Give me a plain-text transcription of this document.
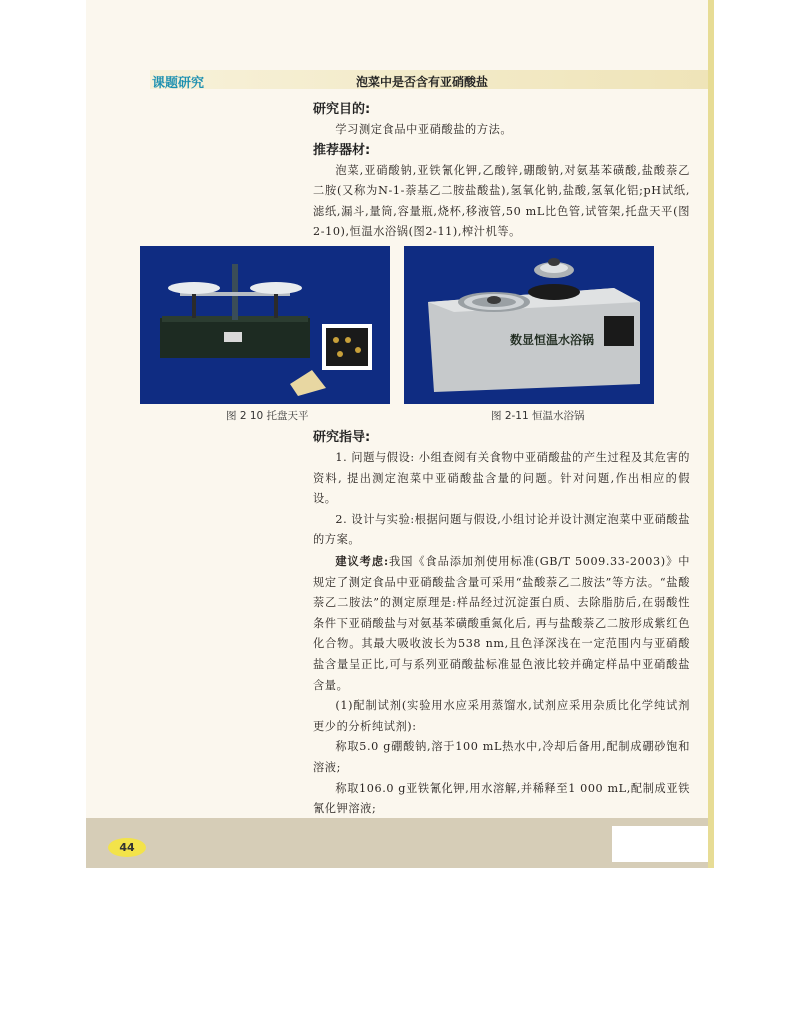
课题研究	泡菜中是否含有亚硝酸盐

研究目的:

学习测定食品中亚硝酸盐的方法。

推荐器材:

泡菜,亚硝酸钠,亚铁氰化钾,乙酸锌,硼酸钠,对氨基苯磺酸,盐酸萘乙二胺(又称为N-1-萘基乙二胺盐酸盐),氢氧化钠,盐酸,氢氧化铝;pH试纸,滤纸,漏斗,量筒,容量瓶,烧杯,移液管,50 mL比色管,试管架,托盘天平(图2-10),恒温水浴锅(图2-11),榨汁机等。

数显恒温水浴锅
图 2 10 托盘天平	图 2-11 恒温水浴锅

研究指导:

1. 问题与假设: 小组查阅有关食物中亚硝酸盐的产生过程及其危害的资料, 提出测定泡菜中亚硝酸盐含量的问题。针对问题,作出相应的假设。

2. 设计与实验:根据问题与假设,小组讨论并设计测定泡菜中亚硝酸盐的方案。

建议考虑:我国《食品添加剂使用标准(GB/T 5009.33-2003)》中规定了测定食品中亚硝酸盐含量可采用“盐酸萘乙二胺法”等方法。“盐酸萘乙二胺法”的测定原理是:样品经过沉淀蛋白质、去除脂肪后,在弱酸性条件下亚硝酸盐与对氨基苯磺酸重氮化后, 再与盐酸萘乙二胺形成紫红色化合物。其最大吸收波长为538 nm,且色泽深浅在一定范围内与亚硝酸盐含量呈正比,可与系列亚硝酸盐标准显色液比较并确定样品中亚硝酸盐含量。

(1)配制试剂(实验用水应采用蒸馏水,试剂应采用杂质比化学纯试剂更少的分析纯试剂):

称取5.0 g硼酸钠,溶于100 mL热水中,冷却后备用,配制成硼砂饱和溶液;

称取106.0 g亚铁氰化钾,用水溶解,并稀释至1 000 mL,配制成亚铁氰化钾溶液;

44
